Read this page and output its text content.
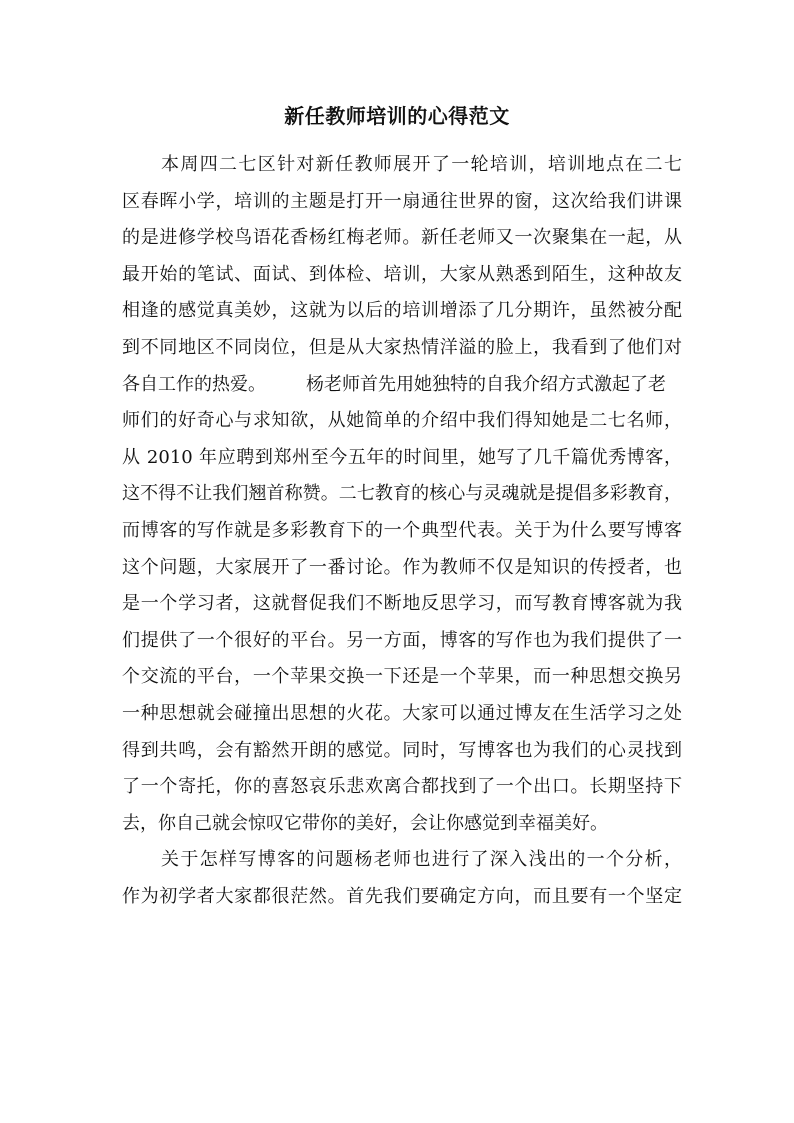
新任教师培训的心得范文
本周四二七区针对新任教师展开了一轮培训，培训地点在二七
区春晖小学，培训的主题是打开一扇通往世界的窗，这次给我们讲课
的是进修学校鸟语花香杨红梅老师。新任老师又一次聚集在一起，从
最开始的笔试、面试、到体检、培训，大家从熟悉到陌生，这种故友
相逢的感觉真美妙，这就为以后的培训增添了几分期许，虽然被分配
到不同地区不同岗位，但是从大家热情洋溢的脸上，我看到了他们对
各自工作的热爱。 杨老师首先用她独特的自我介绍方式激起了老
师们的好奇心与求知欲，从她简单的介绍中我们得知她是二七名师，
从 2010 年应聘到郑州至今五年的时间里，她写了几千篇优秀博客，
这不得不让我们翘首称赞。二七教育的核心与灵魂就是提倡多彩教育，
而博客的写作就是多彩教育下的一个典型代表。关于为什么要写博客
这个问题，大家展开了一番讨论。作为教师不仅是知识的传授者，也
是一个学习者，这就督促我们不断地反思学习，而写教育博客就为我
们提供了一个很好的平台。另一方面，博客的写作也为我们提供了一
个交流的平台，一个苹果交换一下还是一个苹果，而一种思想交换另
一种思想就会碰撞出思想的火花。大家可以通过博友在生活学习之处
得到共鸣，会有豁然开朗的感觉。同时，写博客也为我们的心灵找到
了一个寄托，你的喜怒哀乐悲欢离合都找到了一个出口。长期坚持下
去，你自己就会惊叹它带你的美好，会让你感觉到幸福美好。
关于怎样写博客的问题杨老师也进行了深入浅出的一个分析，
作为初学者大家都很茫然。首先我们要确定方向，而且要有一个坚定
